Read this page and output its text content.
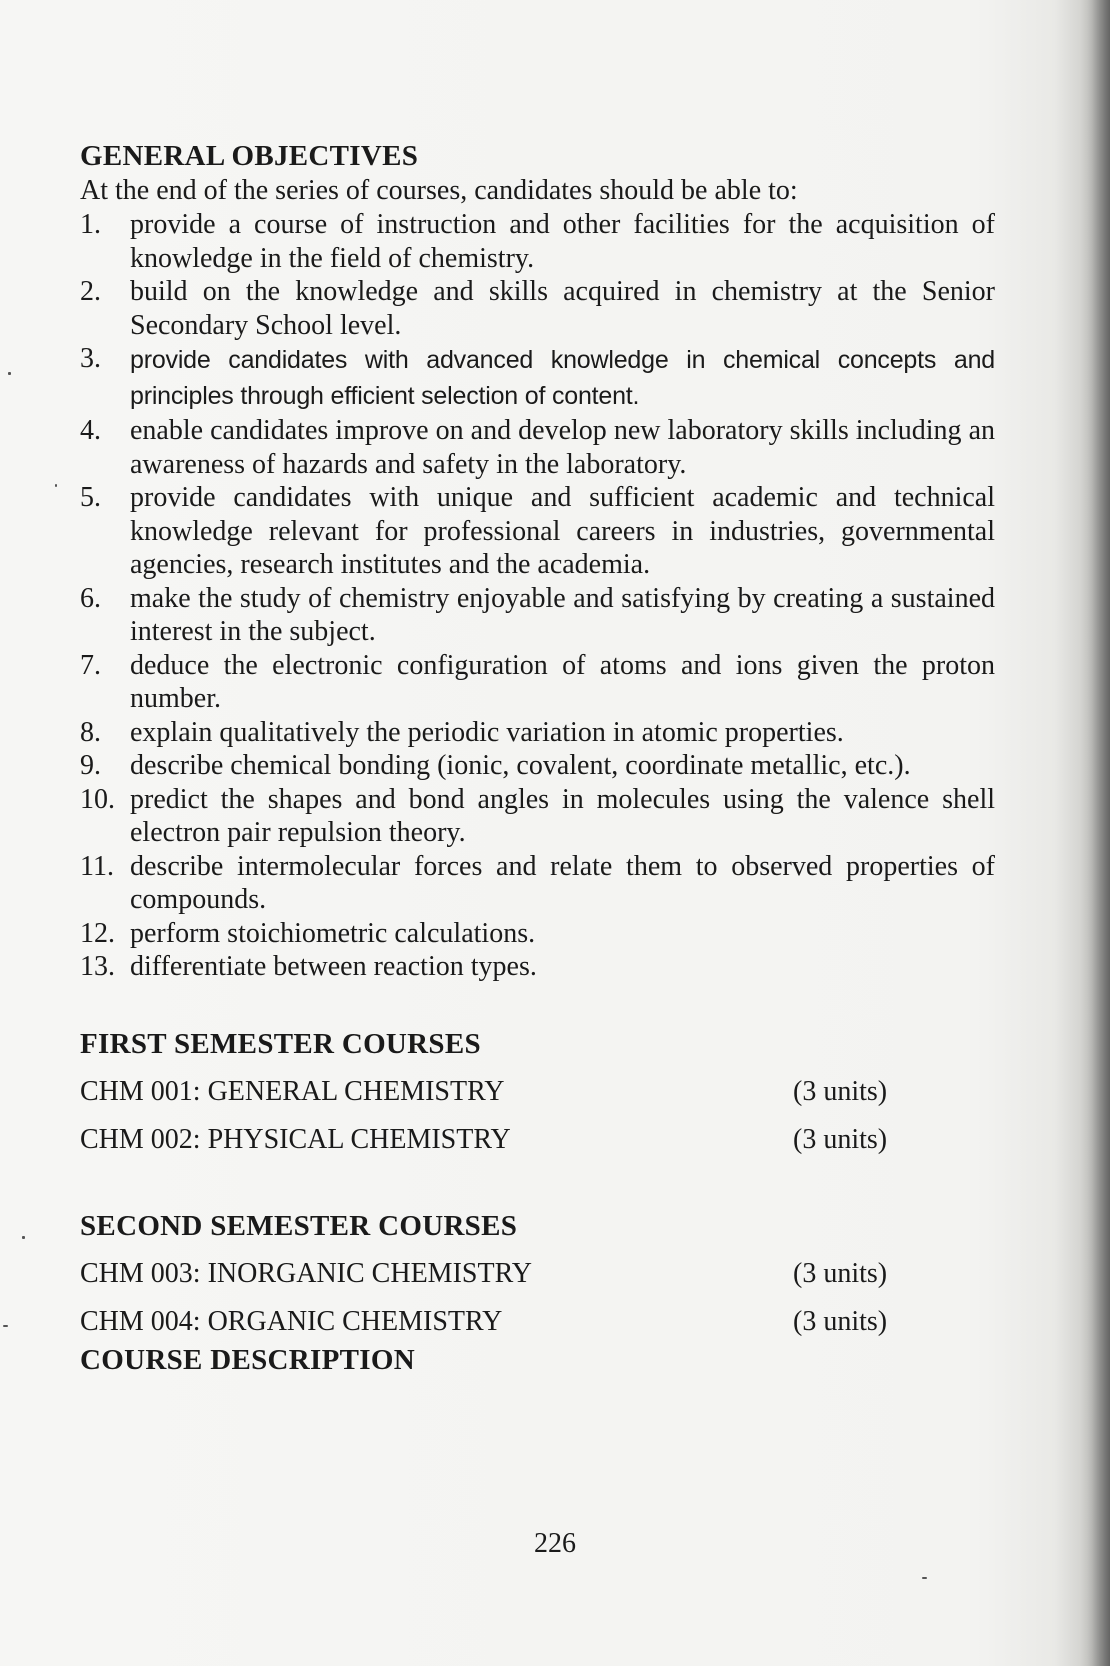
GENERAL OBJECTIVES
At the end of the series of courses, candidates should be able to:
1.	provide a course of instruction and other facilities for the acquisition of knowledge in the field of chemistry.
2.	build on the knowledge and skills acquired in chemistry at the Senior Secondary School level.
3.	provide candidates with advanced knowledge in chemical concepts and principles through efficient selection of content.
4.	enable candidates improve on and develop new laboratory skills including an awareness of hazards and safety in the laboratory.
5.	provide candidates with unique and sufficient academic and technical knowledge relevant for professional careers in industries, governmental agencies, research institutes and the academia.
6.	make the study of chemistry enjoyable and satisfying by creating a sustained interest in the subject.
7.	deduce the electronic configuration of atoms and ions given the proton number.
8.	explain qualitatively the periodic variation in atomic properties.
9.	describe chemical bonding (ionic, covalent, coordinate metallic, etc.).
10. predict the shapes and bond angles in molecules using the valence shell electron pair repulsion theory.
11. describe intermolecular forces and relate them to observed properties of compounds.
12. perform stoichiometric calculations.
13. differentiate between reaction types.
FIRST SEMESTER COURSES
CHM 001: GENERAL CHEMISTRY	(3 units)
CHM 002: PHYSICAL CHEMISTRY	(3 units)
SECOND SEMESTER COURSES
CHM 003: INORGANIC CHEMISTRY	(3 units)
CHM 004: ORGANIC CHEMISTRY	(3 units)
COURSE DESCRIPTION
226
